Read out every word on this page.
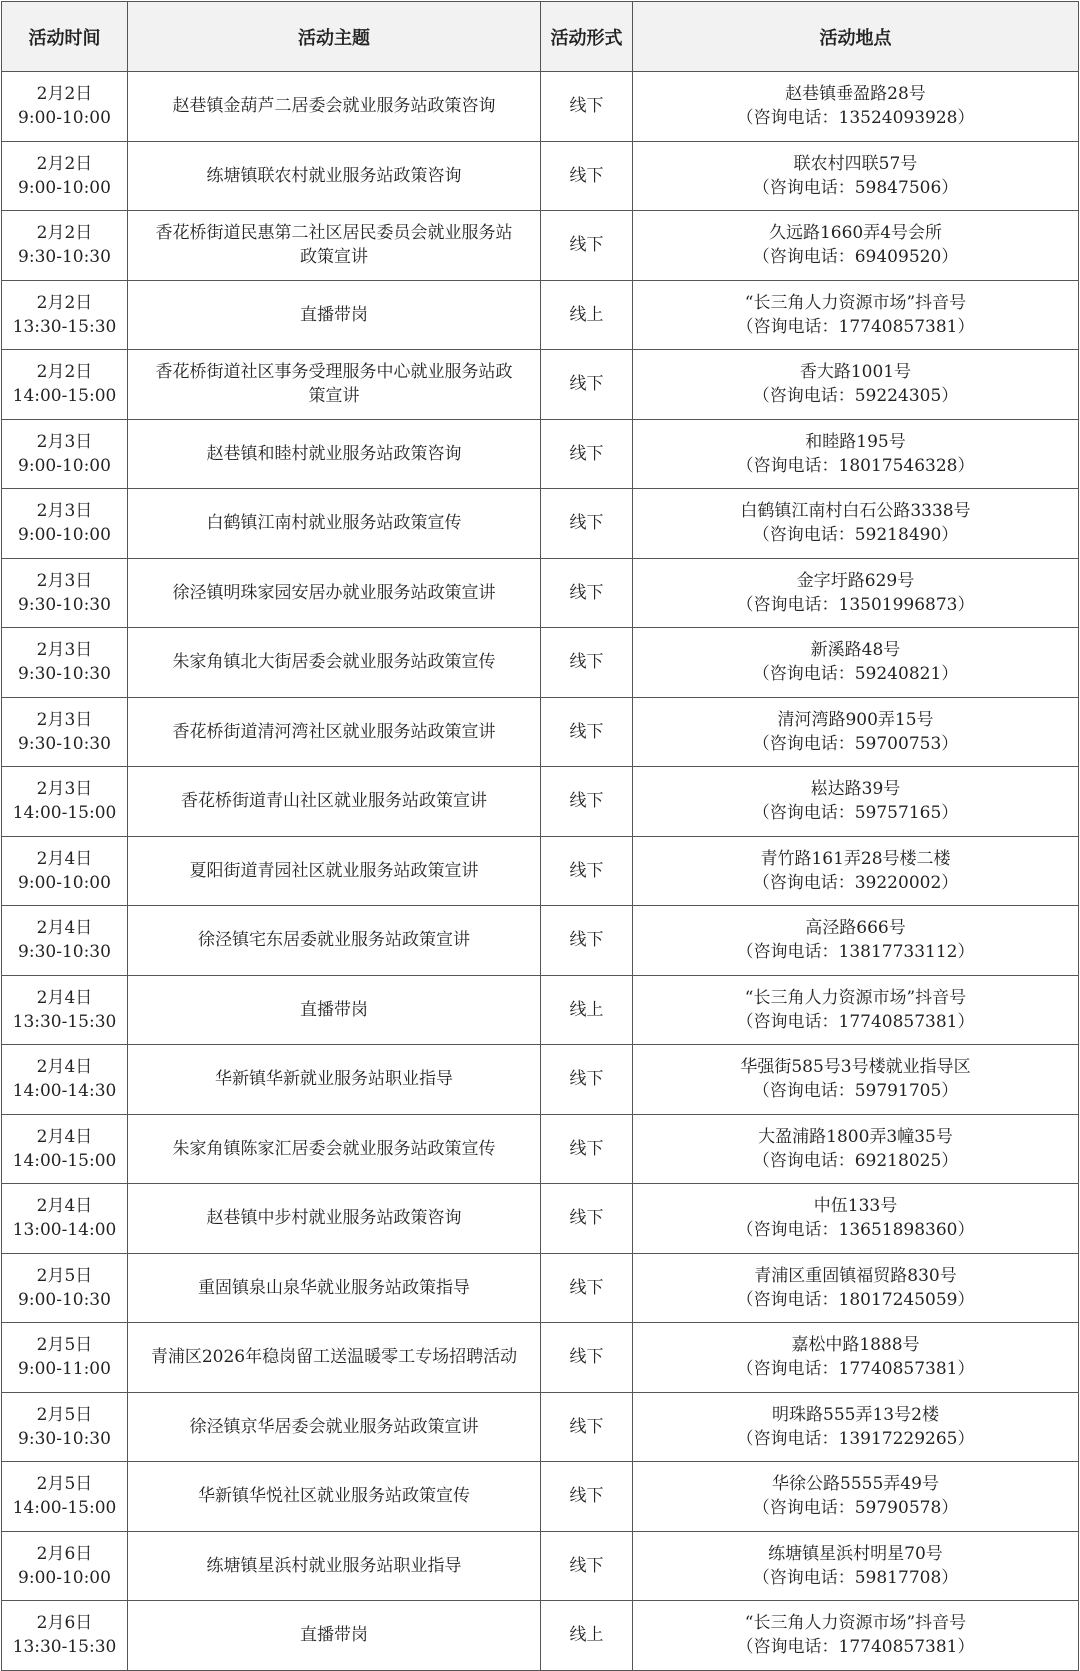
活动时间	活动主题	活动形式	活动地点

2月2日
9:00-10:00	赵巷镇金葫芦二居委会就业服务站政策咨询	线下	赵巷镇垂盈路28号
（咨询电话：13524093928）

2月2日
9:00-10:00	练塘镇联农村就业服务站政策咨询	线下	联农村四联57号
（咨询电话：59847506）

2月2日
9:30-10:30	香花桥街道民惠第二社区居民委员会就业服务站
政策宣讲	线下	久远路1660弄4号会所
（咨询电话：69409520）

2月2日
13:30-15:30	直播带岗	线上	“长三角人力资源市场”抖音号
（咨询电话：17740857381）

2月2日
14:00-15:00	香花桥街道社区事务受理服务中心就业服务站政
策宣讲	线下	香大路1001号
（咨询电话：59224305）

2月3日
9:00-10:00	赵巷镇和睦村就业服务站政策咨询	线下	和睦路195号
（咨询电话：18017546328）

2月3日
9:00-10:00	白鹤镇江南村就业服务站政策宣传	线下	白鹤镇江南村白石公路3338号
（咨询电话：59218490）

2月3日
9:30-10:30	徐泾镇明珠家园安居办就业服务站政策宣讲	线下	金字圩路629号
（咨询电话：13501996873）

2月3日
9:30-10:30	朱家角镇北大街居委会就业服务站政策宣传	线下	新溪路48号
（咨询电话：59240821）

2月3日
9:30-10:30	香花桥街道清河湾社区就业服务站政策宣讲	线下	清河湾路900弄15号
（咨询电话：59700753）

2月3日
14:00-15:00	香花桥街道青山社区就业服务站政策宣讲	线下	崧达路39号
（咨询电话：59757165）

2月4日
9:00-10:00	夏阳街道青园社区就业服务站政策宣讲	线下	青竹路161弄28号楼二楼
（咨询电话：39220002）

2月4日
9:30-10:30	徐泾镇宅东居委就业服务站政策宣讲	线下	高泾路666号
（咨询电话：13817733112）

2月4日
13:30-15:30	直播带岗	线上	“长三角人力资源市场”抖音号
（咨询电话：17740857381）

2月4日
14:00-14:30	华新镇华新就业服务站职业指导	线下	华强街585号3号楼就业指导区
（咨询电话：59791705）

2月4日
14:00-15:00	朱家角镇陈家汇居委会就业服务站政策宣传	线下	大盈浦路1800弄3幢35号
（咨询电话：69218025）

2月4日
13:00-14:00	赵巷镇中步村就业服务站政策咨询	线下	中伍133号
（咨询电话：13651898360）

2月5日
9:00-10:30	重固镇泉山泉华就业服务站政策指导	线下	青浦区重固镇福贸路830号
（咨询电话：18017245059）

2月5日
9:00-11:00	青浦区2026年稳岗留工送温暖零工专场招聘活动	线下	嘉松中路1888号
（咨询电话：17740857381）

2月5日
9:30-10:30	徐泾镇京华居委会就业服务站政策宣讲	线下	明珠路555弄13号2楼
（咨询电话：13917229265）

2月5日
14:00-15:00	华新镇华悦社区就业服务站政策宣传	线下	华徐公路5555弄49号
（咨询电话：59790578）

2月6日
9:00-10:00	练塘镇星浜村就业服务站职业指导	线下	练塘镇星浜村明星70号
（咨询电话：59817708）

2月6日
13:30-15:30	直播带岗	线上	“长三角人力资源市场”抖音号
（咨询电话：17740857381）
